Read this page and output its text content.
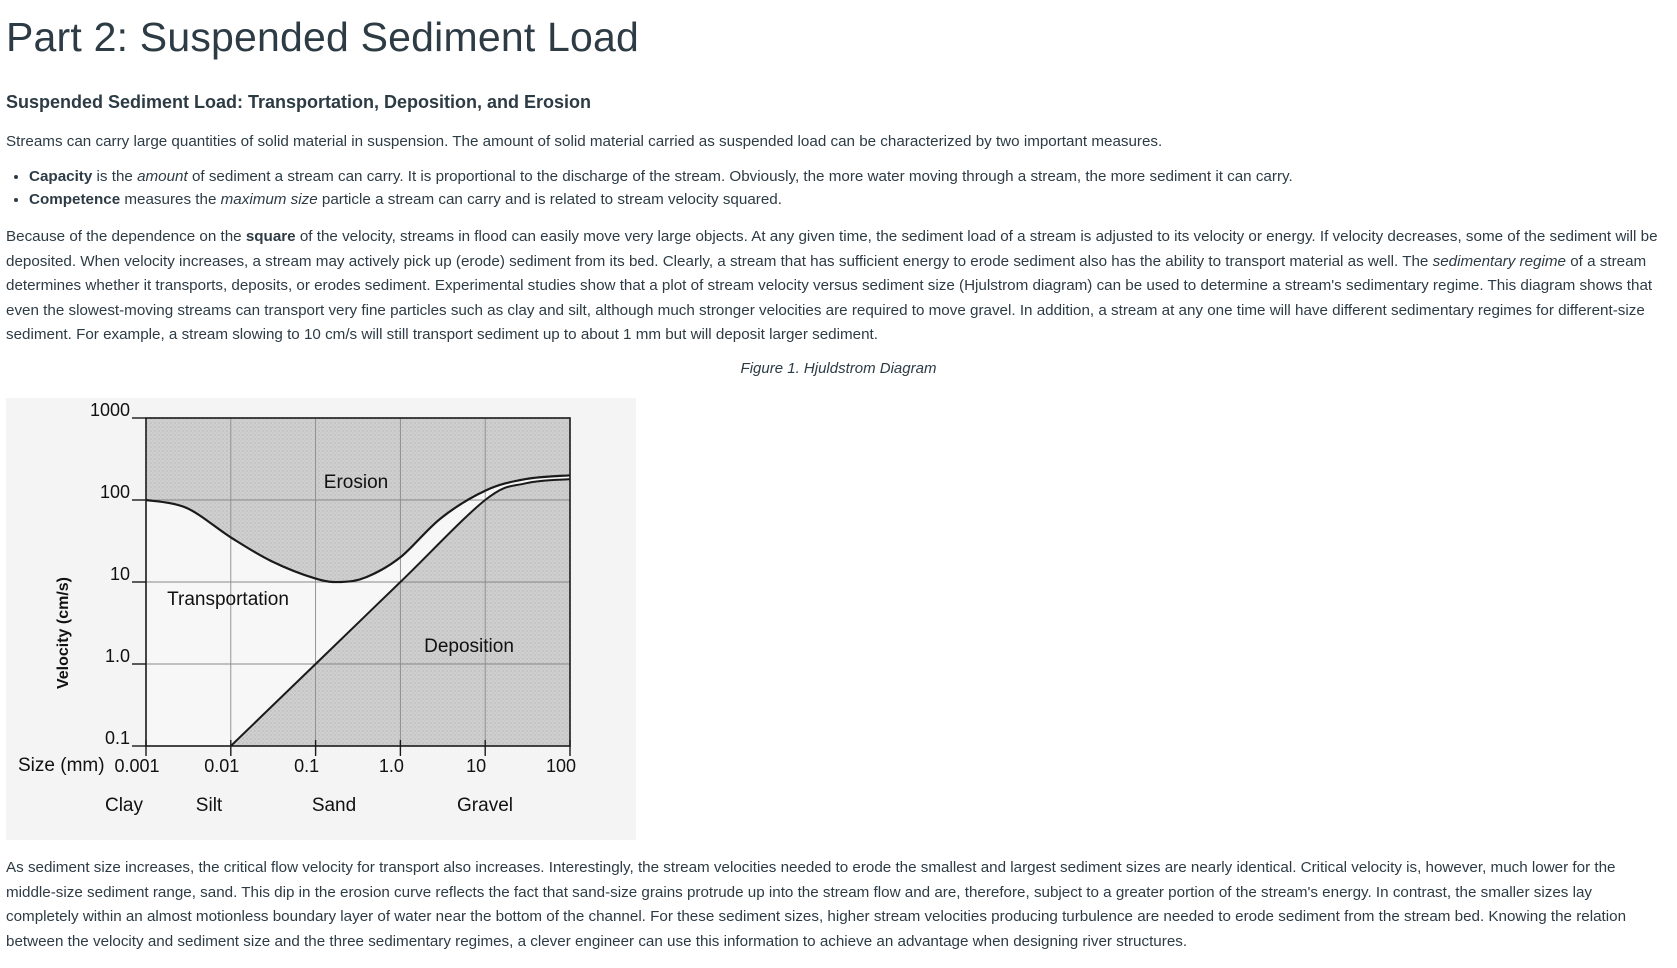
Part 2: Suspended Sediment Load
Suspended Sediment Load: Transportation, Deposition, and Erosion

Streams can carry large quantities of solid material in suspension. The amount of solid material carried as suspended load can be characterized by two important measures.

• Capacity is the amount of sediment a stream can carry. It is proportional to the discharge of the stream. Obviously, the more water moving through a stream, the more sediment it can carry.
• Competence measures the maximum size particle a stream can carry and is related to stream velocity squared.

Because of the dependence on the square of the velocity, streams in flood can easily move very large objects. At any given time, the sediment load of a stream is adjusted to its velocity or energy. If velocity decreases, some of the sediment will be deposited. When velocity increases, a stream may actively pick up (erode) sediment from its bed. Clearly, a stream that has sufficient energy to erode sediment also has the ability to transport material as well. The sedimentary regime of a stream determines whether it transports, deposits, or erodes sediment. Experimental studies show that a plot of stream velocity versus sediment size (Hjulstrom diagram) can be used to determine a stream's sedimentary regime. This diagram shows that even the slowest-moving streams can transport very fine particles such as clay and silt, although much stronger velocities are required to move gravel. In addition, a stream at any one time will have different sedimentary regimes for different-size sediment. For example, a stream slowing to 10 cm/s will still transport sediment up to about 1 mm but will deposit larger sediment.

Figure 1. Hjuldstrom Diagram
1000
100
10
1.0
0.1
0.001 0.01	0.1	1.0	10	100
Velocity (cm/s)
Size (mm)
Clay	Silt	Sand	Gravel
Erosion
Transportation
Deposition

As sediment size increases, the critical flow velocity for transport also increases. Interestingly, the stream velocities needed to erode the smallest and largest sediment sizes are nearly identical. Critical velocity is, however, much lower for the middle-size sediment range, sand. This dip in the erosion curve reflects the fact that sand-size grains protrude up into the stream flow and are, therefore, subject to a greater portion of the stream's energy. In contrast, the smaller sizes lay completely within an almost motionless boundary layer of water near the bottom of the channel. For these sediment sizes, higher stream velocities producing turbulence are needed to erode sediment from the stream bed. Knowing the relation between the velocity and sediment size and the three sedimentary regimes, a clever engineer can use this information to achieve an advantage when designing river structures.
